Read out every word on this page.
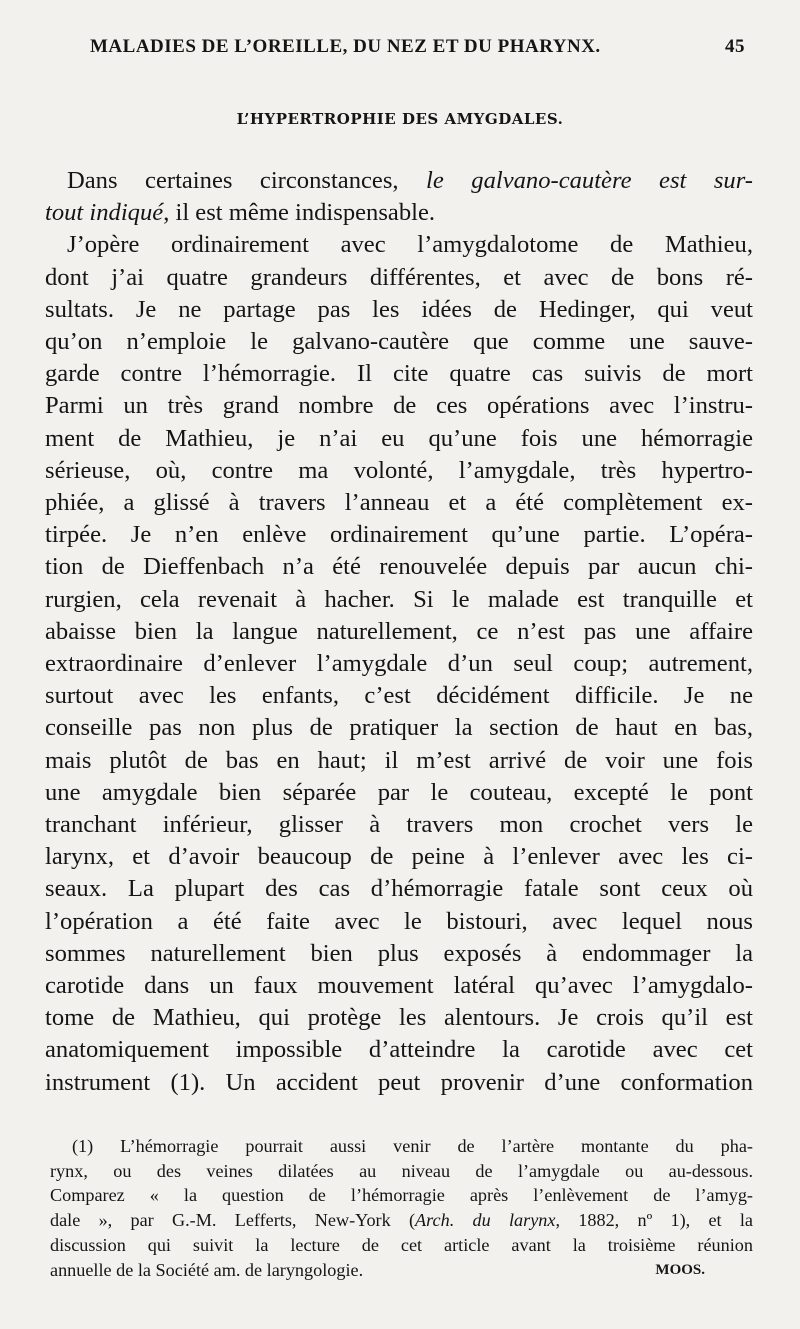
MALADIES DE L’OREILLE, DU NEZ ET DU PHARYNX.	45
L’HYPERTROPHIE DES AMYGDALES.
Dans certaines circonstances, le galvano-cautère est sur-
tout indiqué, il est même indispensable.
J’opère ordinairement avec l’amygdalotome de Mathieu,
dont j’ai quatre grandeurs différentes, et avec de bons ré-
sultats. Je ne partage pas les idées de Hedinger, qui veut
qu’on n’emploie le galvano-cautère que comme une sauve-
garde contre l’hémorragie. Il cite quatre cas suivis de mort
Parmi un très grand nombre de ces opérations avec l’instru-
ment de Mathieu, je n’ai eu qu’une fois une hémorragie
sérieuse, où, contre ma volonté, l’amygdale, très hypertro-
phiée, a glissé à travers l’anneau et a été complètement ex-
tirpée. Je n’en enlève ordinairement qu’une partie. L’opéra-
tion de Dieffenbach n’a été renouvelée depuis par aucun chi-
rurgien, cela revenait à hacher. Si le malade est tranquille et
abaisse bien la langue naturellement, ce n’est pas une affaire
extraordinaire d’enlever l’amygdale d’un seul coup; autrement,
surtout avec les enfants, c’est décidément difficile. Je ne
conseille pas non plus de pratiquer la section de haut en bas,
mais plutôt de bas en haut; il m’est arrivé de voir une fois
une amygdale bien séparée par le couteau, excepté le pont
tranchant inférieur, glisser à travers mon crochet vers le
larynx, et d’avoir beaucoup de peine à l’enlever avec les ci-
seaux. La plupart des cas d’hémorragie fatale sont ceux où
l’opération a été faite avec le bistouri, avec lequel nous
sommes naturellement bien plus exposés à endommager la
carotide dans un faux mouvement latéral qu’avec l’amygdalo-
tome de Mathieu, qui protège les alentours. Je crois qu’il est
anatomiquement impossible d’atteindre la carotide avec cet
instrument (1). Un accident peut provenir d’une conformation
(1) L’hémorragie pourrait aussi venir de l’artère montante du pha-
rynx, ou des veines dilatées au niveau de l’amygdale ou au-dessous.
Comparez « la question de l’hémorragie après l’enlèvement de l’amyg-
dale », par G.-M. Lefferts, New-York (Arch. du larynx, 1882, nº 1), et la
discussion qui suivit la lecture de cet article avant la troisième réunion
annuelle de la Société am. de laryngologie.	MOOS.
